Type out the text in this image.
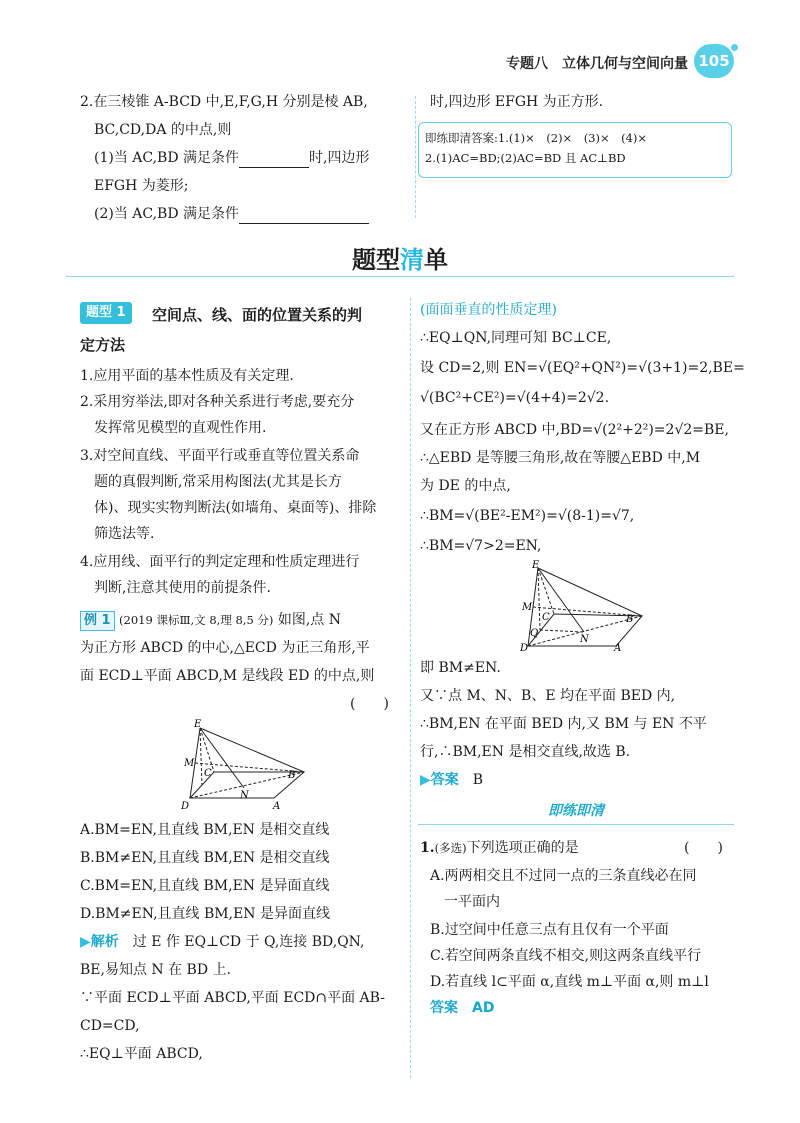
专题八　立体几何与空间向量 105
2.在三棱锥 A-BCD 中,E,F,G,H 分别是棱 AB,
BC,CD,DA 的中点,则
(1)当 AC,BD 满足条件	时,四边形
EFGH 为菱形;
(2)当 AC,BD 满足条件
时,四边形 EFGH 为正方形.
即练即清答案:1.(1)×　(2)×　(3)×　(4)×
2.(1)AC=BD;(2)AC=BD 且 AC⊥BD
题型清单
题型 1	空间点、线、面的位置关系的判
定方法
1.应用平面的基本性质及有关定理.
2.采用穷举法,即对各种关系进行考虑,要充分
发挥常见模型的直观性作用.
3.对空间直线、平面平行或垂直等位置关系命
题的真假判断,常采用构图法(尤其是长方
体)、现实实物判断法(如墙角、桌面等)、排除
筛选法等.
4.应用线、面平行的判定定理和性质定理进行
判断,注意其使用的前提条件.
例 1 (2019 课标Ⅲ,文 8,理 8,5 分) 如图,点 N
为正方形 ABCD 的中心,△ECD 为正三角形,平
面 ECD⊥平面 ABCD,M 是线段 ED 的中点,则
(　　)
E
M
C	B
N
D	A
A.BM=EN,且直线 BM,EN 是相交直线
B.BM≠EN,且直线 BM,EN 是相交直线
C.BM=EN,且直线 BM,EN 是异面直线
D.BM≠EN,且直线 BM,EN 是异面直线
▶解析　 过 E 作 EQ⊥CD 于 Q,连接 BD,QN,
BE,易知点 N 在 BD 上.
∵平面 ECD⊥平面 ABCD,平面 ECD∩平面 AB-
CD=CD,
∴EQ⊥平面 ABCD,
(面面垂直的性质定理)
∴EQ⊥QN,同理可知 BC⊥CE,
设 CD=2,则 EN=√(EQ²+QN²)=√(3+1)=2,BE=
√(BC²+CE²)=√(4+4)=2√2.
又在正方形 ABCD 中,BD=√(2²+2²)=2√2=BE,
∴△EBD 是等腰三角形,故在等腰△EBD 中,M
为 DE 的中点,
∴BM=√(BE²-EM²)=√(8-1)=√7,
∴BM=√7>2=EN,
E
M
C
Q
B
N
D	A
即 BM≠EN.
又∵点 M、N、B、E 均在平面 BED 内,
∴BM,EN 在平面 BED 内,又 BM 与 EN 不平
行,∴BM,EN 是相交直线,故选 B.
▶答案　 B
即练即清
1.(多选)下列选项正确的是	(　　)
A.两两相交且不过同一点的三条直线必在同
一平面内
B.过空间中任意三点有且仅有一个平面
C.若空间两条直线不相交,则这两条直线平行
D.若直线 l⊂平面 α,直线 m⊥平面 α,则 m⊥l
答案　 AD
